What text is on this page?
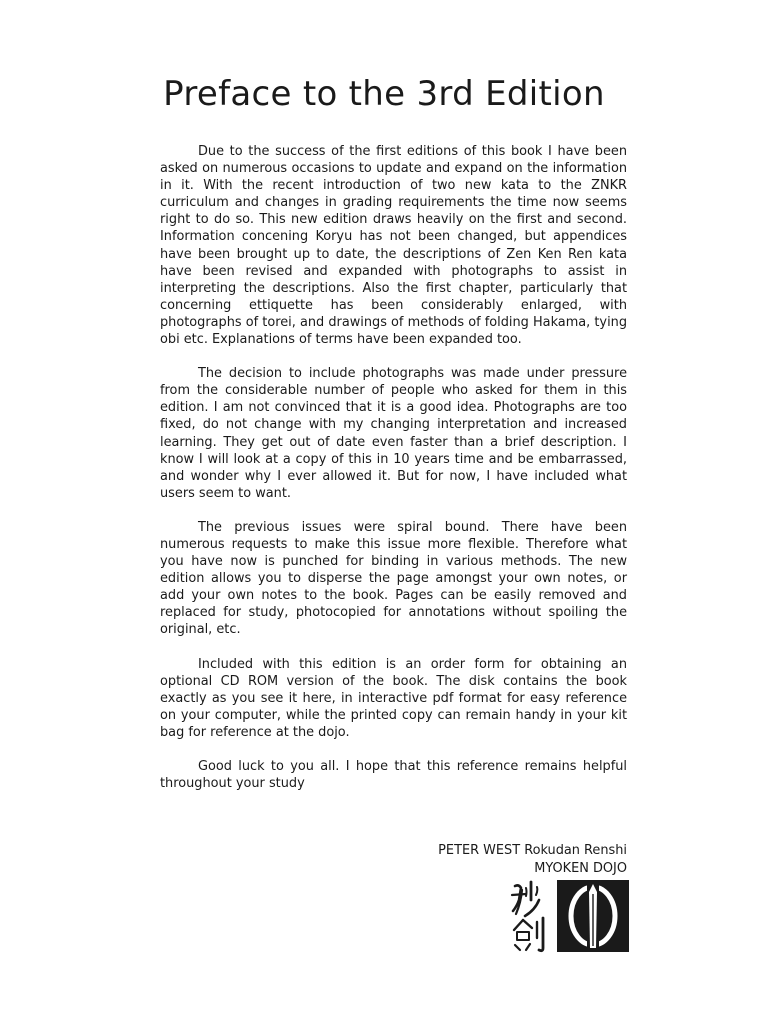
Preface to the 3rd Edition

Due to the success of the first editions of this book I have been asked on numerous occasions to update and expand on the information in it. With the recent introduction of two new kata to the ZNKR curriculum and changes in grading requirements the time now seems right to do so. This new edition draws heavily on the first and second. Information concening Koryu has not been changed, but appendices have been brought up to date, the descriptions of Zen Ken Ren kata have been revised and expanded with photographs to assist in interpreting the descriptions. Also the first chapter, particularly that concerning ettiquette has been considerably enlarged, with photographs of torei, and drawings of methods of folding Hakama, tying obi etc. Explanations of terms have been expanded too.

The decision to include photographs was made under pressure from the considerable number of people who asked for them in this edition. I am not convinced that it is a good idea. Photographs are too fixed, do not change with my changing interpretation and increased learning. They get out of date even faster than a brief description. I know I will look at a copy of this in 10 years time and be embarrassed, and wonder why I ever allowed it. But for now, I have included what users seem to want.

The previous issues were spiral bound. There have been numerous requests to make this issue more flexible. Therefore what you have now is punched for binding in various methods. The new edition allows you to disperse the page amongst your own notes, or add your own notes to the book. Pages can be easily removed and replaced for study, photocopied for annotations without spoiling the original, etc.

Included with this edition is an order form for obtaining an optional CD ROM version of the book. The disk contains the book exactly as you see it here, in interactive pdf format for easy reference on your computer, while the printed copy can remain handy in your kit bag for reference at the dojo.

Good luck to you all. I hope that this reference remains helpful throughout your study

PETER WEST Rokudan Renshi
MYOKEN DOJO
